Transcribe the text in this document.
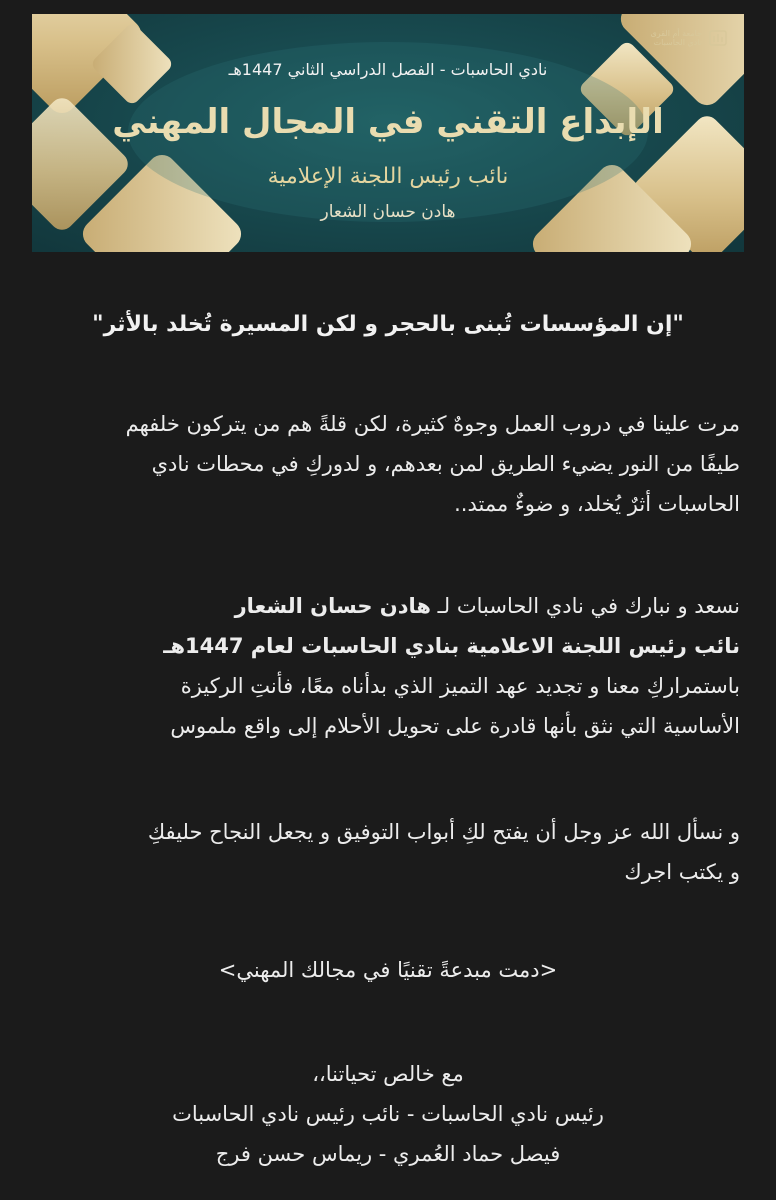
جامعة أم القرى
نادي الحاسبات
نادي الحاسبات - الفصل الدراسي الثاني 1447هـ
الإبداع التقني في المجال المهني
نائب رئيس اللجنة الإعلامية
هادن حسان الشعار
"إن المؤسسات تُبنى بالحجر و لكن المسيرة تُخلد بالأثر"
مرت علينا في دروب العمل وجوهٌ كثيرة، لكن قلةً هم من يتركون خلفهم
طيفًا من النور يضيء الطريق لمن بعدهم، و لدوركِ في محطات نادي
الحاسبات أثرٌ يُخلد، و ضوءٌ ممتد..
نسعد و نبارك في نادي الحاسبات لـ هادن حسان الشعار
نائب رئيس اللجنة الاعلامية بنادي الحاسبات لعام 1447هـ
باستمراركِ معنا و تجديد عهد التميز الذي بدأناه معًا، فأنتِ الركيزة
الأساسية التي نثق بأنها قادرة على تحويل الأحلام إلى واقع ملموس
و نسأل الله عز وجل أن يفتح لكِ أبواب التوفيق و يجعل النجاح حليفكِ
و يكتب اجرك
<دمت مبدعةً تقنيًا في مجالك المهني>
مع خالص تحياتنا،،
رئيس نادي الحاسبات - نائب رئيس نادي الحاسبات
فيصل حماد العُمري - ريماس حسن فرج
